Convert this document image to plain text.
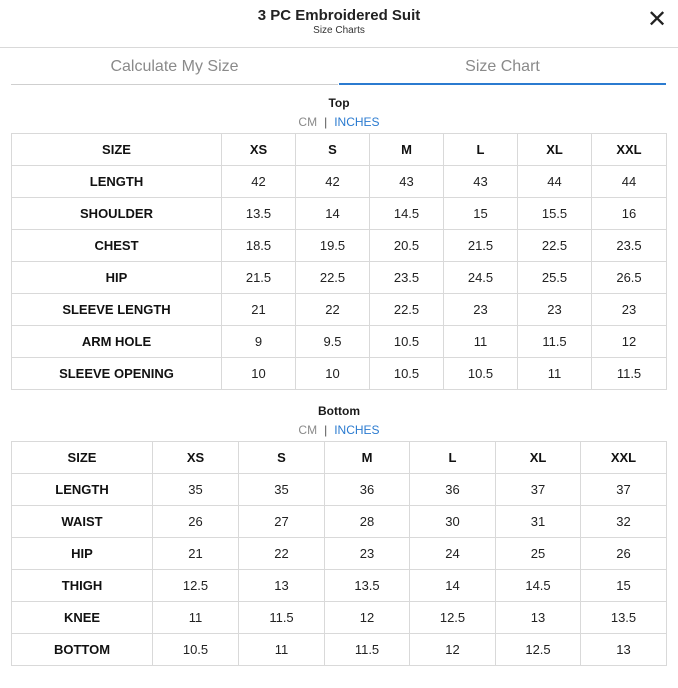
3 PC Embroidered Suit
Size Charts	✕
Calculate My Size	Size Chart
Top
CM | INCHES
SIZE	XS	S	M	L	XL	XXL
LENGTH	42	42	43	43	44	44
SHOULDER	13.5	14	14.5	15	15.5	16
CHEST	18.5	19.5	20.5	21.5	22.5	23.5
HIP	21.5	22.5	23.5	24.5	25.5	26.5
SLEEVE LENGTH	21	22	22.5	23	23	23
ARM HOLE	9	9.5	10.5	11	11.5	12
SLEEVE OPENING	10	10	10.5	10.5	11	11.5
Bottom
CM | INCHES
SIZE	XS	S	M	L	XL	XXL
LENGTH	35	35	36	36	37	37
WAIST	26	27	28	30	31	32
HIP	21	22	23	24	25	26
THIGH	12.5	13	13.5	14	14.5	15
KNEE	11	11.5	12	12.5	13	13.5
BOTTOM	10.5	11	11.5	12	12.5	13
